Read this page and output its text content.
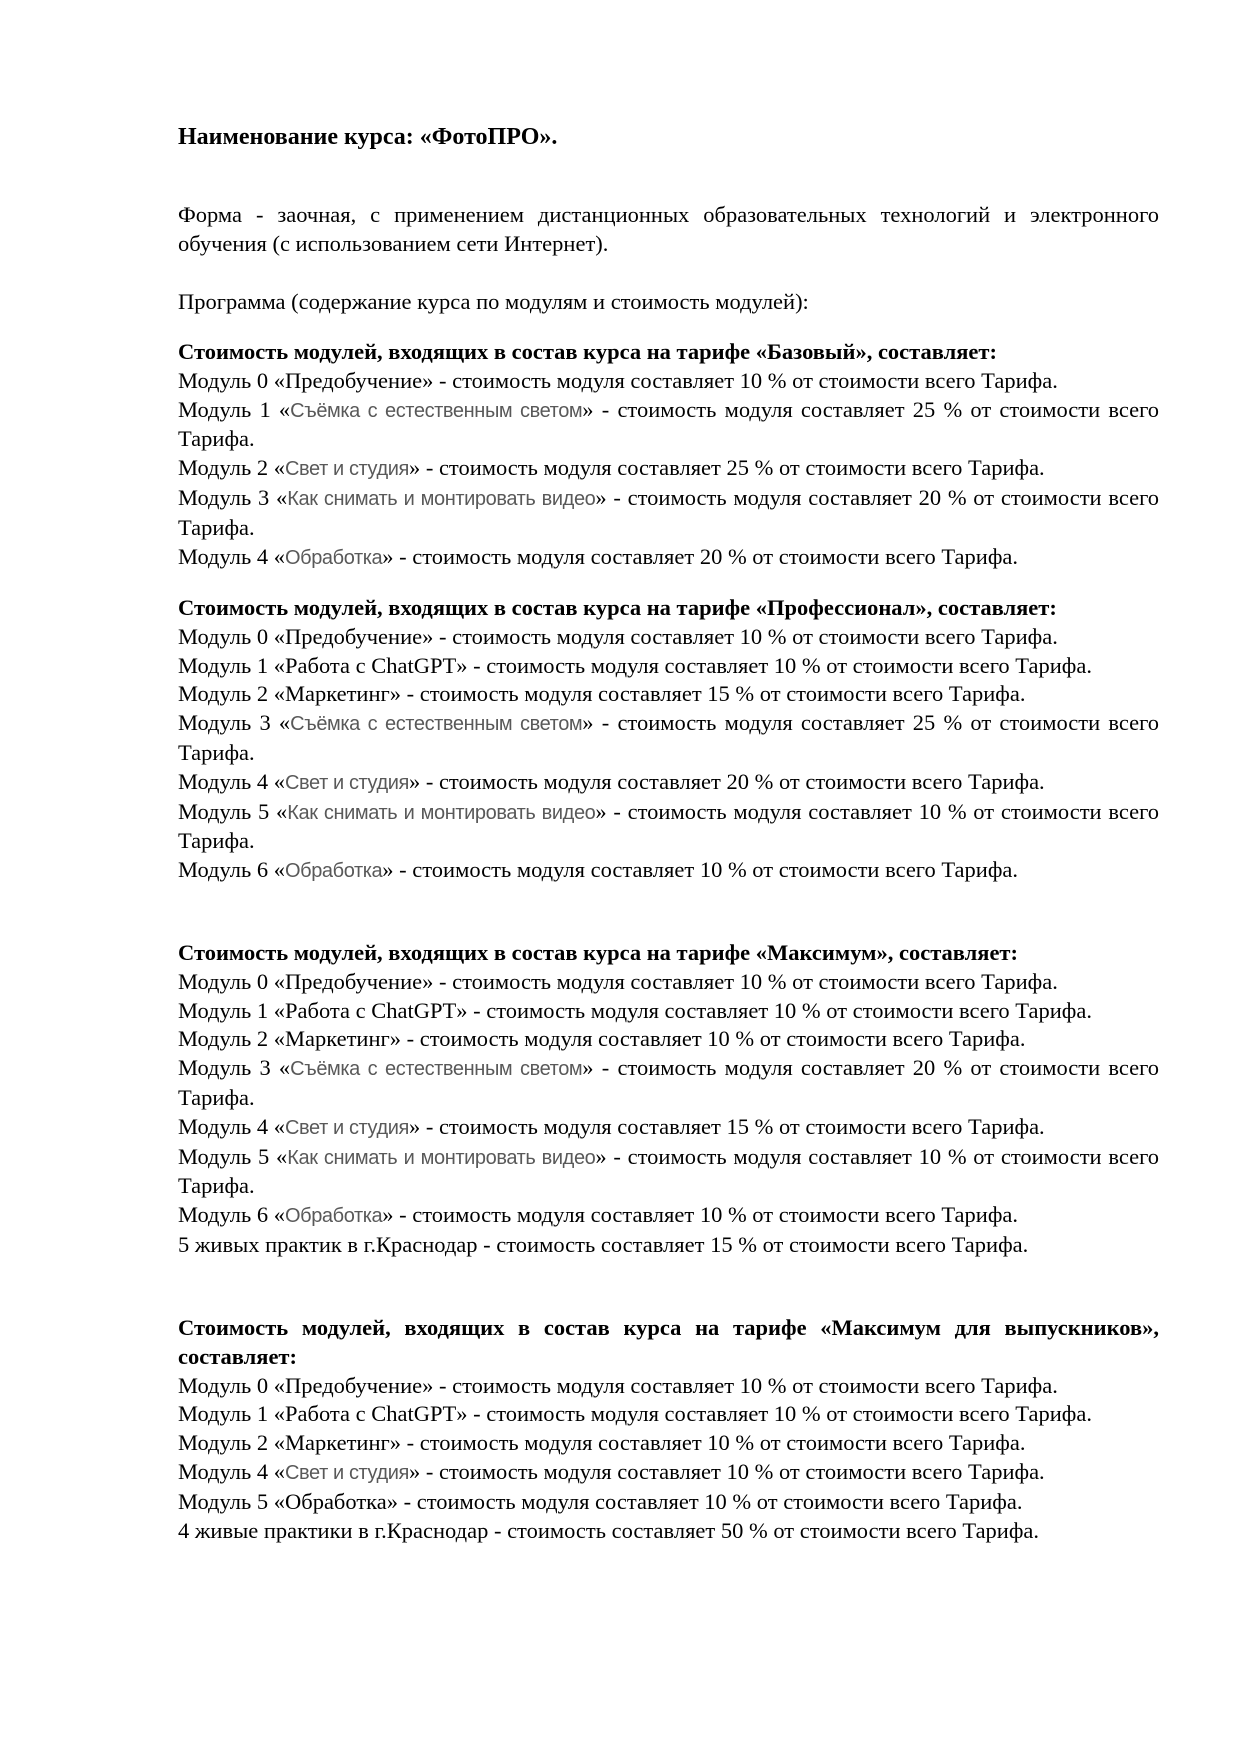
Наименование курса: «ФотоПРО».
Форма - заочная, с применением дистанционных образовательных технологий и электронного обучения (с использованием сети Интернет).
Программа (содержание курса по модулям и стоимость модулей):
Стоимость модулей, входящих в состав курса на тарифе «Базовый», составляет:
Модуль 0 «Предобучение» - стоимость модуля составляет 10 % от стоимости всего Тарифа.
Модуль 1 «Съёмка с естественным светом» - стоимость модуля составляет 25 % от стоимости всего Тарифа.
Модуль 2 «Свет и студия» - стоимость модуля составляет 25 % от стоимости всего Тарифа.
Модуль 3 «Как снимать и монтировать видео» - стоимость модуля составляет 20 % от стоимости всего Тарифа.
Модуль 4 «Обработка» - стоимость модуля составляет 20 % от стоимости всего Тарифа.
Стоимость модулей, входящих в состав курса на тарифе «Профессионал», составляет:
Модуль 0 «Предобучение» - стоимость модуля составляет 10 % от стоимости всего Тарифа.
Модуль 1 «Работа с ChatGPT» - стоимость модуля составляет 10 % от стоимости всего Тарифа.
Модуль 2 «Маркетинг» - стоимость модуля составляет 15 % от стоимости всего Тарифа.
Модуль 3 «Съёмка с естественным светом» - стоимость модуля составляет 25 % от стоимости всего Тарифа.
Модуль 4 «Свет и студия» - стоимость модуля составляет 20 % от стоимости всего Тарифа.
Модуль 5 «Как снимать и монтировать видео» - стоимость модуля составляет 10 % от стоимости всего Тарифа.
Модуль 6 «Обработка» - стоимость модуля составляет 10 % от стоимости всего Тарифа.
Стоимость модулей, входящих в состав курса на тарифе «Максимум», составляет:
Модуль 0 «Предобучение» - стоимость модуля составляет 10 % от стоимости всего Тарифа.
Модуль 1 «Работа с ChatGPT» - стоимость модуля составляет 10 % от стоимости всего Тарифа.
Модуль 2 «Маркетинг» - стоимость модуля составляет 10 % от стоимости всего Тарифа.
Модуль 3 «Съёмка с естественным светом» - стоимость модуля составляет 20 % от стоимости всего Тарифа.
Модуль 4 «Свет и студия» - стоимость модуля составляет 15 % от стоимости всего Тарифа.
Модуль 5 «Как снимать и монтировать видео» - стоимость модуля составляет 10 % от стоимости всего Тарифа.
Модуль 6 «Обработка» - стоимость модуля составляет 10 % от стоимости всего Тарифа.
5 живых практик в г.Краснодар - стоимость составляет 15 % от стоимости всего Тарифа.
Стоимость модулей, входящих в состав курса на тарифе «Максимум для выпускников», составляет:
Модуль 0 «Предобучение» - стоимость модуля составляет 10 % от стоимости всего Тарифа.
Модуль 1 «Работа с ChatGPT» - стоимость модуля составляет 10 % от стоимости всего Тарифа.
Модуль 2 «Маркетинг» - стоимость модуля составляет 10 % от стоимости всего Тарифа.
Модуль 4 «Свет и студия» - стоимость модуля составляет 10 % от стоимости всего Тарифа.
Модуль 5 «Обработка» - стоимость модуля составляет 10 % от стоимости всего Тарифа.
4 живые практики в г.Краснодар - стоимость составляет 50 % от стоимости всего Тарифа.
